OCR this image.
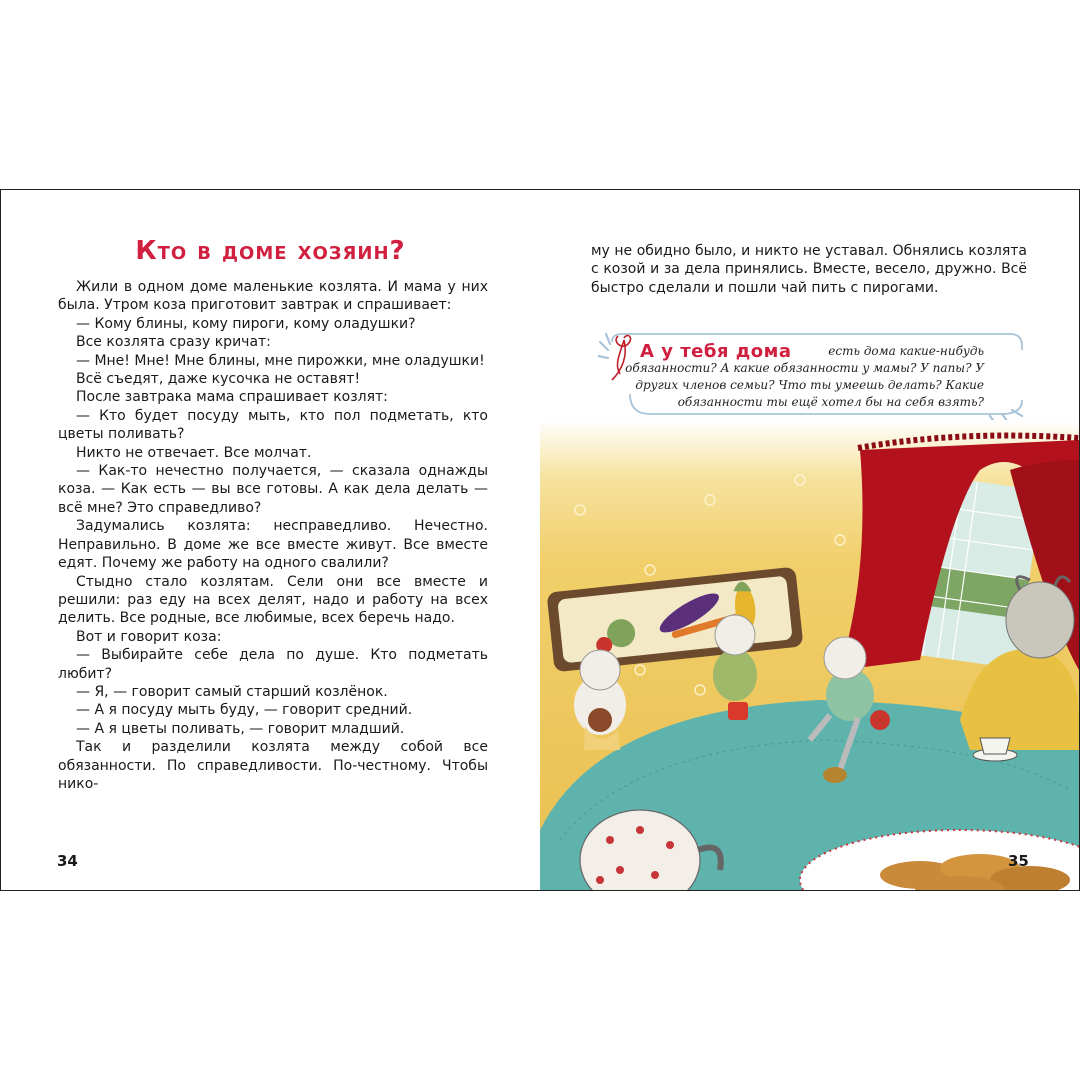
Кто в доме хозяин?

Жили в одном доме маленькие козлята. И мама у них была. Утром коза приготовит завтрак и спрашивает:

— Кому блины, кому пироги, кому оладушки?

Все козлята сразу кричат:

— Мне! Мне! Мне блины, мне пирожки, мне оладушки!

Всё съедят, даже кусочка не оставят!

После завтрака мама спрашивает козлят:

— Кто будет посуду мыть, кто пол подметать, кто цветы поливать?

Никто не отвечает. Все молчат.

— Как-то нечестно получается, — сказала однажды коза. — Как есть — вы все готовы. А как дела делать — всё мне? Это справедливо?

Задумались козлята: несправедливо. Нечестно. Неправильно. В доме же все вместе живут. Все вместе едят. Почему же работу на одного свалили?

Стыдно стало козлятам. Сели они все вместе и решили: раз еду на всех делят, надо и работу на всех делить. Все родные, все любимые, всех беречь надо.

Вот и говорит коза:

— Выбирайте себе дела по душе. Кто подметать любит?

— Я, — говорит самый старший козлёнок.

— А я посуду мыть буду, — говорит средний.

— А я цветы поливать, — говорит младший.

Так и разделили козлята между собой все обязанности. По справедливости. По-честному. Чтобы нико-

34

му не обидно было, и никто не уставал. Обнялись козлята с козой и за дела принялись. Вместе, весело, дружно. Всё быстро сделали и пошли чай пить с пирогами.

А у тебя дома	есть дома какие-нибудь обязанности? А какие обязанности у мамы? У папы? У других членов семьи? Что ты умеешь делать? Какие обязанности ты ещё хотел бы на себя взять?
35
